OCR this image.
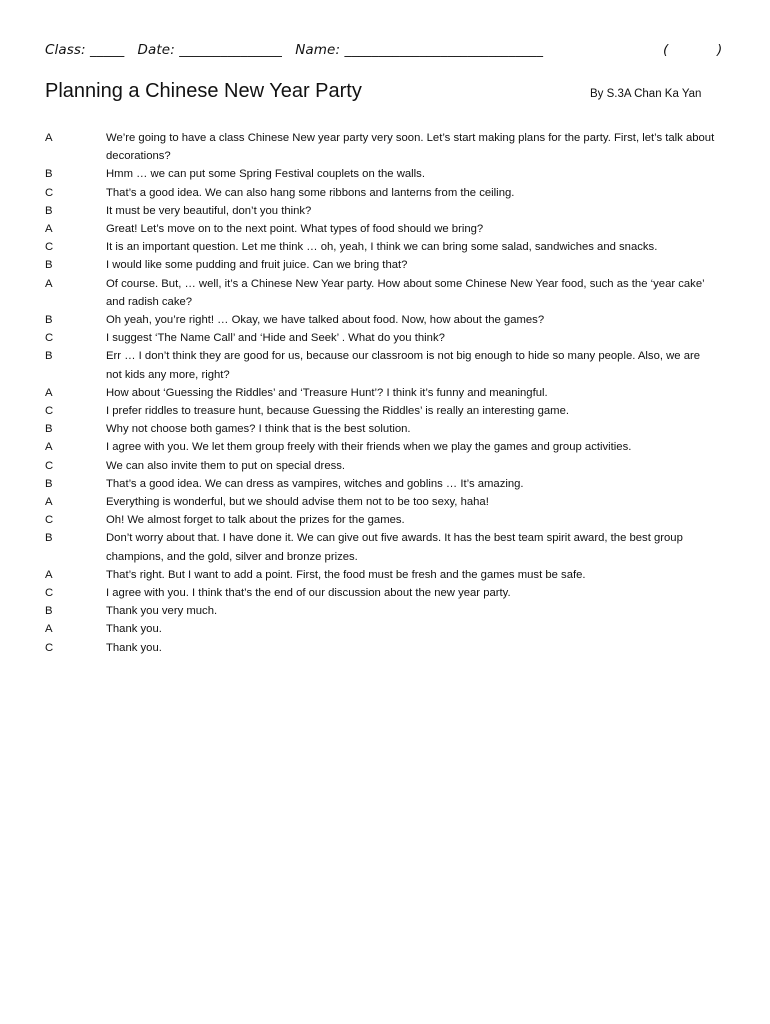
Class: _____ Date: _______________ Name: _____________________________	(	)
Planning a Chinese New Year Party	By S.3A Chan Ka Yan
A	We’re going to have a class Chinese New year party very soon. Let’s start making plans for the party. First, let’s talk about decorations?
B	Hmm … we can put some Spring Festival couplets on the walls.
C	That’s a good idea. We can also hang some ribbons and lanterns from the ceiling.
B	It must be very beautiful, don’t you think?
A	Great! Let’s move on to the next point. What types of food should we bring?
C	It is an important question. Let me think … oh, yeah, I think we can bring some salad, sandwiches and snacks.
B	I would like some pudding and fruit juice. Can we bring that?
A	Of course. But, … well, it’s a Chinese New Year party. How about some Chinese New Year food, such as the ‘year cake’ and radish cake?
B	Oh yeah, you’re right! … Okay, we have talked about food. Now, how about the games?
C	I suggest ‘The Name Call’ and ‘Hide and Seek’ . What do you think?
B	Err … I don’t think they are good for us, because our classroom is not big enough to hide so many people. Also, we are not kids any more, right?
A	How about ‘Guessing the Riddles’ and ‘Treasure Hunt’? I think it’s funny and meaningful.
C	I prefer riddles to treasure hunt, because Guessing the Riddles’ is really an interesting game.
B	Why not choose both games? I think that is the best solution.
A	I agree with you. We let them group freely with their friends when we play the games and group activities.
C	We can also invite them to put on special dress.
B	That’s a good idea. We can dress as vampires, witches and goblins … It’s amazing.
A	Everything is wonderful, but we should advise them not to be too sexy, haha!
C	Oh! We almost forget to talk about the prizes for the games.
B	Don’t worry about that. I have done it. We can give out five awards. It has the best team spirit award, the best group champions, and the gold, silver and bronze prizes.
A	That’s right. But I want to add a point. First, the food must be fresh and the games must be safe.
C	I agree with you. I think that’s the end of our discussion about the new year party.
B	Thank you very much.
A	Thank you.
C	Thank you.
